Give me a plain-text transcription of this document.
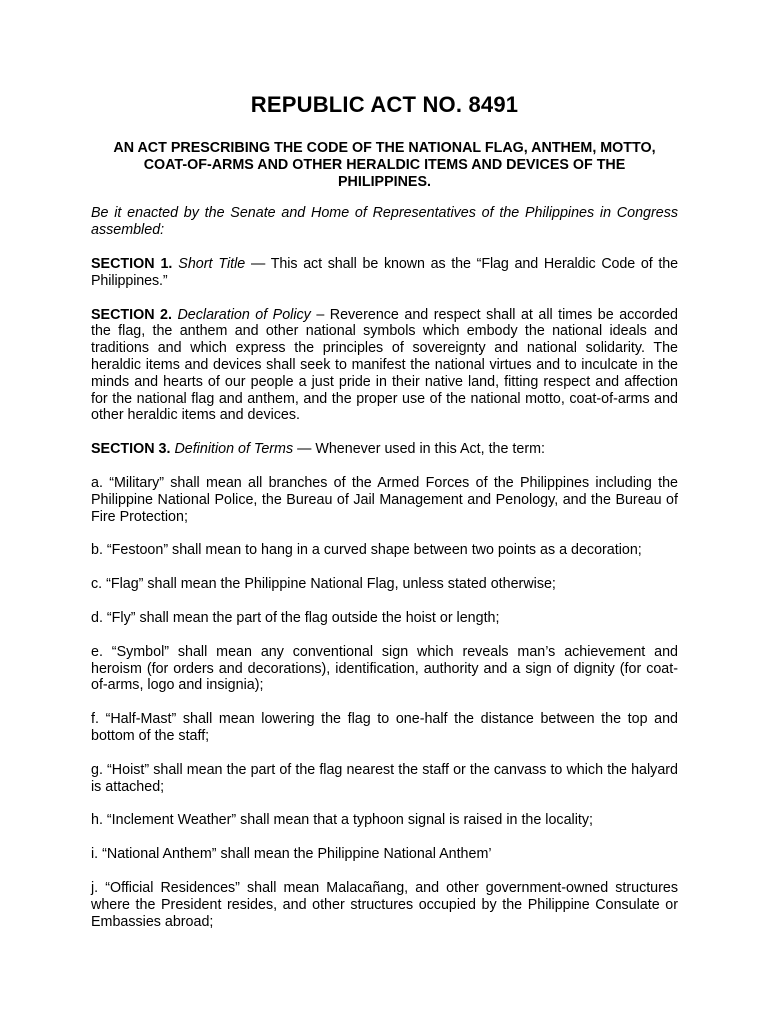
REPUBLIC ACT NO. 8491
AN ACT PRESCRIBING THE CODE OF THE NATIONAL FLAG, ANTHEM, MOTTO, COAT-OF-ARMS AND OTHER HERALDIC ITEMS AND DEVICES OF THE PHILIPPINES.

Be it enacted by the Senate and Home of Representatives of the Philippines in Congress assembled:

SECTION 1. Short Title — This act shall be known as the “Flag and Heraldic Code of the Philippines.”

SECTION 2. Declaration of Policy – Reverence and respect shall at all times be accorded the flag, the anthem and other national symbols which embody the national ideals and traditions and which express the principles of sovereignty and national solidarity. The heraldic items and devices shall seek to manifest the national virtues and to inculcate in the minds and hearts of our people a just pride in their native land, fitting respect and affection for the national flag and anthem, and the proper use of the national motto, coat-of-arms and other heraldic items and devices.

SECTION 3. Definition of Terms — Whenever used in this Act, the term:

a. “Military” shall mean all branches of the Armed Forces of the Philippines including the Philippine National Police, the Bureau of Jail Management and Penology, and the Bureau of Fire Protection;

b. “Festoon” shall mean to hang in a curved shape between two points as a decoration;

c. “Flag” shall mean the Philippine National Flag, unless stated otherwise;

d. “Fly” shall mean the part of the flag outside the hoist or length;

e. “Symbol” shall mean any conventional sign which reveals man’s achievement and heroism (for orders and decorations), identification, authority and a sign of dignity (for coat-of-arms, logo and insignia);

f. “Half-Mast” shall mean lowering the flag to one-half the distance between the top and bottom of the staff;

g. “Hoist” shall mean the part of the flag nearest the staff or the canvass to which the halyard is attached;

h. “Inclement Weather” shall mean that a typhoon signal is raised in the locality;

i. “National Anthem” shall mean the Philippine National Anthem’

j. “Official Residences” shall mean Malacañang, and other government-owned structures where the President resides, and other structures occupied by the Philippine Consulate or Embassies abroad;
